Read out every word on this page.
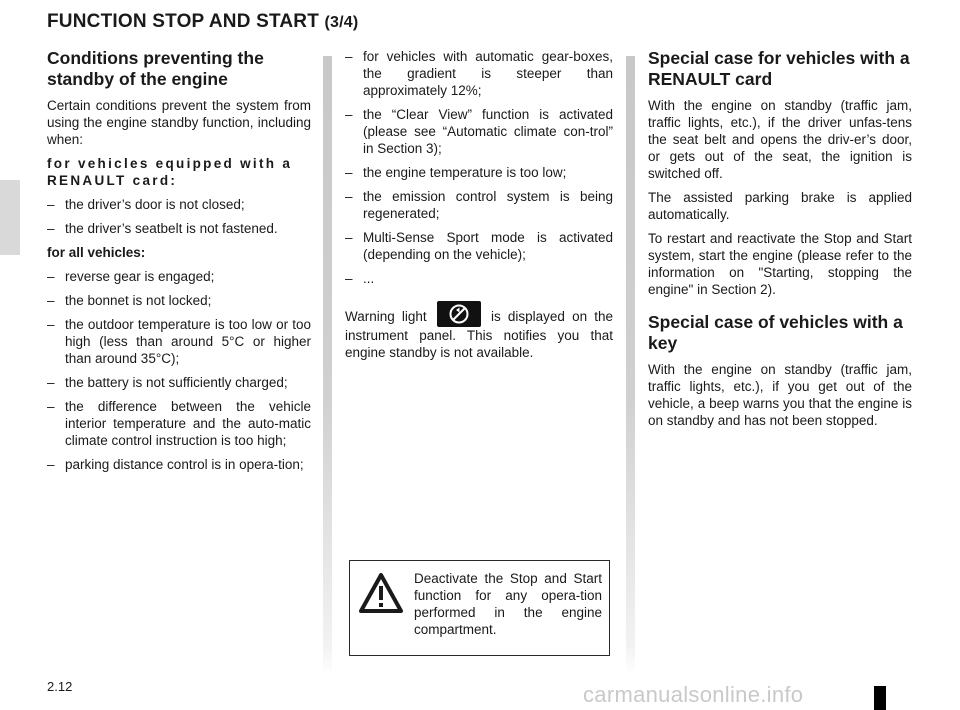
FUNCTION STOP AND START (3/4)
Conditions preventing the standby of the engine

Certain conditions prevent the system from using the engine standby function, including when:

for vehicles equipped with a RENAULT card:

– the driver’s door is not closed;
– the driver’s seatbelt is not fastened.

for all vehicles:

– reverse gear is engaged;
– the bonnet is not locked;
– the outdoor temperature is too low or too high (less than around 5°C or higher than around 35°C);
– the battery is not sufficiently charged;
– the difference between the vehicle interior temperature and the auto-matic climate control instruction is too high;
– parking distance control is in opera-tion;
– for vehicles with automatic gear-boxes, the gradient is steeper than approximately 12%;
– the “Clear View” function is activated (please see “Automatic climate con-trol” in Section 3);
– the engine temperature is too low;
– the emission control system is being regenerated;
– Multi-Sense Sport mode is activated (depending on the vehicle);
– ...

Warning light	is displayed on the instrument panel. This notifies you that engine standby is not available.

Deactivate the Stop and Start function for any opera-tion performed in the engine compartment.

Special case for vehicles with a RENAULT card

With the engine on standby (traffic jam, traffic lights, etc.), if the driver unfas-tens the seat belt and opens the driv-er’s door, or gets out of the seat, the ignition is switched off.

The assisted parking brake is applied automatically.

To restart and reactivate the Stop and Start system, start the engine (please refer to the information on "Starting, stopping the engine" in Section 2).

Special case of vehicles with a key

With the engine on standby (traffic jam, traffic lights, etc.), if you get out of the vehicle, a beep warns you that the engine is on standby and has not been stopped.

2.12	carmanualsonline.info
